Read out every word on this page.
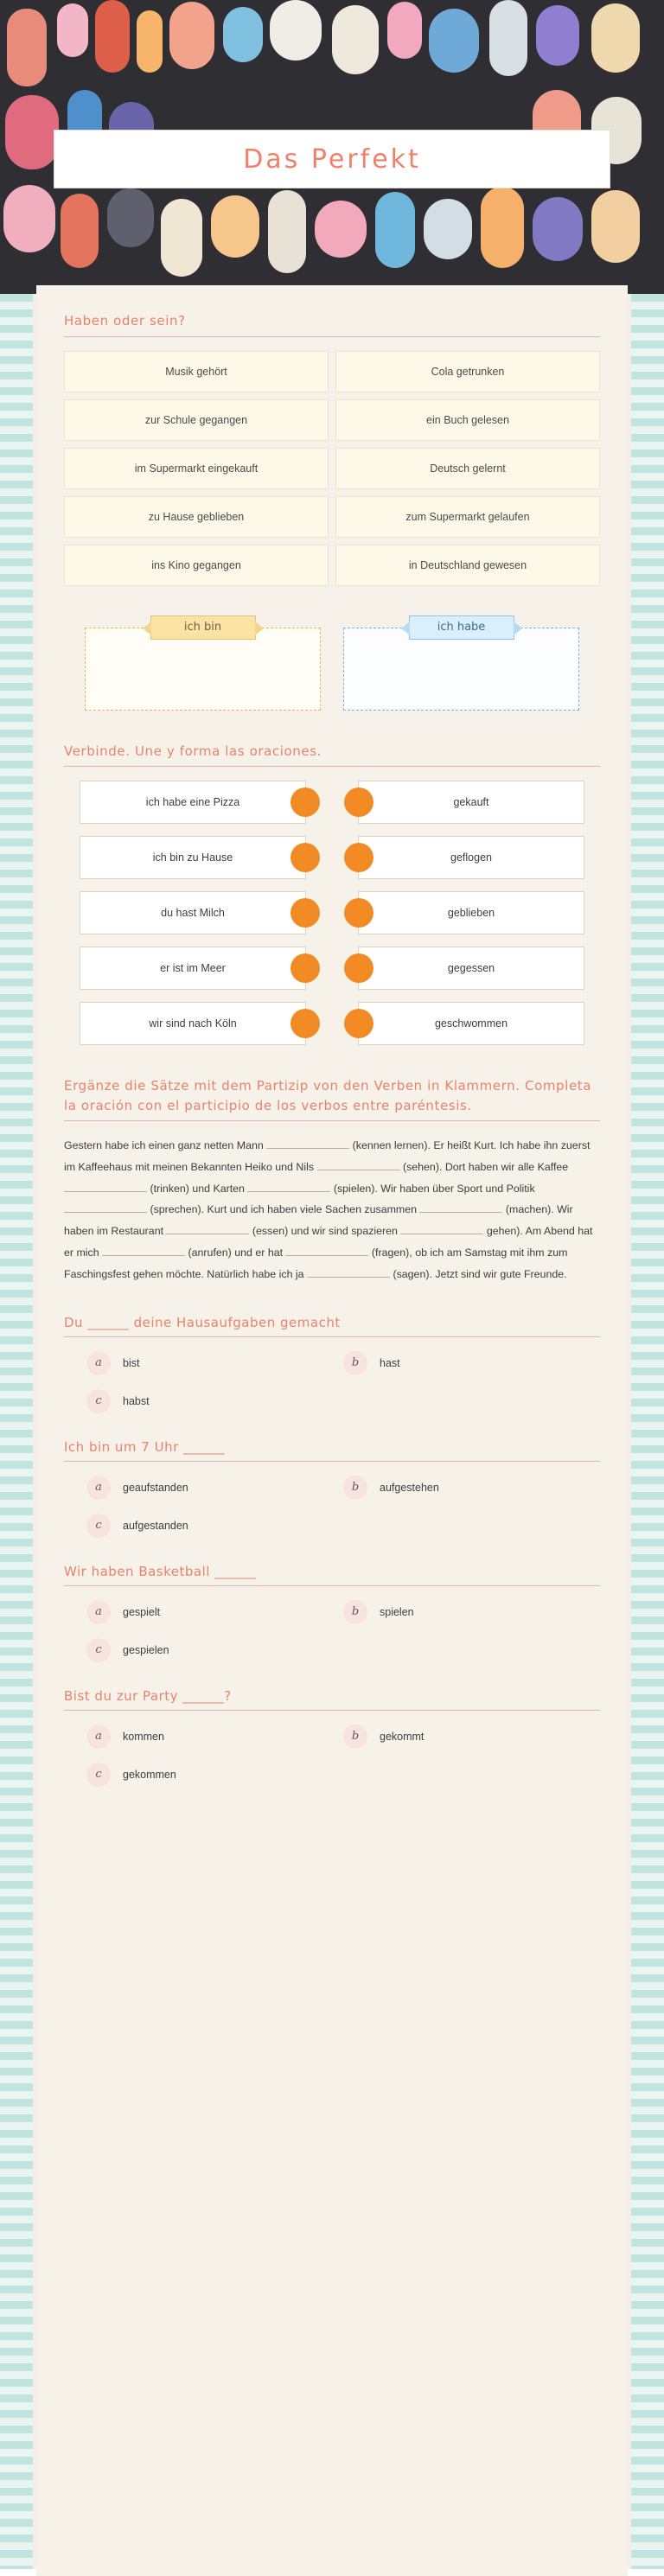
Das Perfekt
Haben oder sein?
Musik gehört	Cola getrunken
zur Schule gegangen	ein Buch gelesen
im Supermarkt eingekauft	Deutsch gelernt
zu Hause geblieben	zum Supermarkt gelaufen
ins Kino gegangen	in Deutschland gewesen
ich bin	ich habe
Verbinde. Une y forma las oraciones.
ich habe eine Pizza	gekauft
ich bin zu Hause	geflogen
du hast Milch	geblieben
er ist im Meer	gegessen
wir sind nach Köln	geschwommen
Ergänze die Sätze mit dem Partizip von den Verben in Klammern. Completa la oración con el participio de los verbos entre paréntesis.
Gestern habe ich einen ganz netten Mann	(kennen lernen). Er heißt Kurt. Ich habe ihn zuerst im Kaffeehaus mit meinen Bekannten Heiko und Nils	(sehen). Dort haben wir alle Kaffee  (trinken) und Karten	(spielen). Wir haben über Sport und Politik  (sprechen). Kurt und ich haben viele Sachen zusammen	(machen). Wir haben im Restaurant	(essen) und wir sind spazieren	gehen). Am Abend hat er mich	(anrufen) und er hat	(fragen), ob ich am Samstag mit ihm zum Faschingsfest gehen möchte. Natürlich habe ich ja	(sagen). Jetzt sind wir gute Freunde.
Du ______ deine Hausaufgaben gemacht
a	bist	b	hast
c	habst
Ich bin um 7 Uhr ______
a	geaufstanden	b	aufgestehen
c	aufgestanden
Wir haben Basketball ______
a	gespielt	b	spielen
c	gespielen
Bist du zur Party ______?
a	kommen	b	gekommt
c	gekommen
